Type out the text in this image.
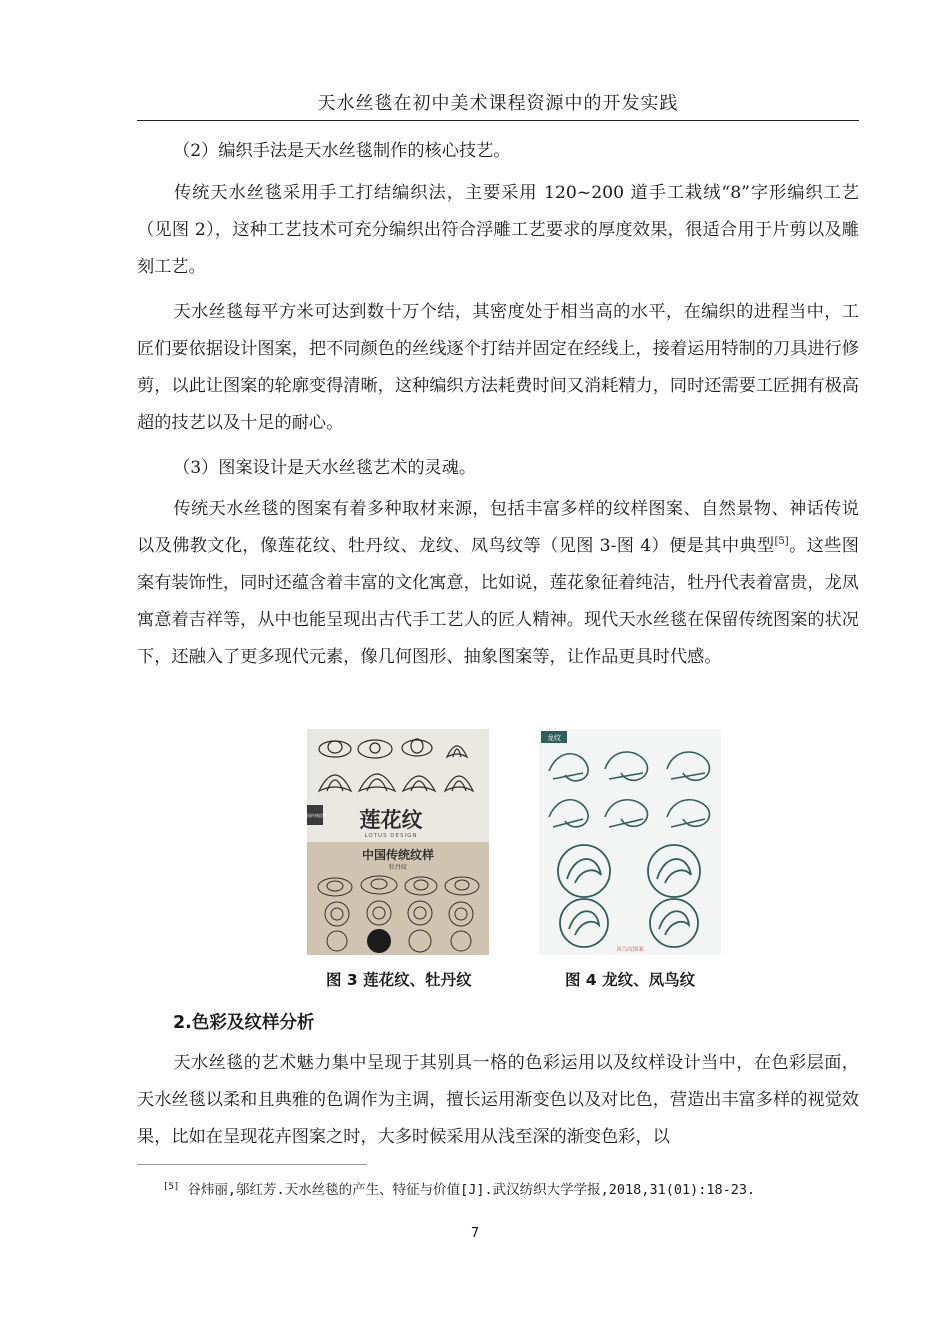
天水丝毯在初中美术课程资源中的开发实践

（2）编织手法是天水丝毯制作的核心技艺。

传统天水丝毯采用手工打结编织法，主要采用 120~200 道手工栽绒“8”字形编织工艺（见图 2），这种工艺技术可充分编织出符合浮雕工艺要求的厚度效果，很适合用于片剪以及雕刻工艺。

天水丝毯每平方米可达到数十万个结，其密度处于相当高的水平，在编织的进程当中，工匠们要依据设计图案，把不同颜色的丝线逐个打结并固定在经线上，接着运用特制的刀具进行修剪，以此让图案的轮廓变得清晰，这种编织方法耗费时间又消耗精力，同时还需要工匠拥有极高超的技艺以及十足的耐心。

（3）图案设计是天水丝毯艺术的灵魂。

传统天水丝毯的图案有着多种取材来源，包括丰富多样的纹样图案、自然景物、神话传说以及佛教文化，像莲花纹、牡丹纹、龙纹、凤鸟纹等（见图 3-图 4）便是其中典型[5]。这些图案有装饰性，同时还蕴含着丰富的文化寓意，比如说，莲花象征着纯洁，牡丹代表着富贵，龙凤寓意着吉祥等，从中也能呈现出古代手工艺人的匠人精神。现代天水丝毯在保留传统图案的状况下，还融入了更多现代元素，像几何图形、抽象图案等，让作品更具时代感。

中国传统纹样 莲花纹
LOTUS DESIGN
中国传统纹样
牡丹纹
龙纹
凤鸟纹图案
图 3 莲花纹、牡丹纹	图 4 龙纹、凤鸟纹

2.色彩及纹样分析

天水丝毯的艺术魅力集中呈现于其别具一格的色彩运用以及纹样设计当中，在色彩层面，天水丝毯以柔和且典雅的色调作为主调，擅长运用渐变色以及对比色，营造出丰富多样的视觉效果，比如在呈现花卉图案之时，大多时候采用从浅至深的渐变色彩，以

[5] 谷炜丽,邬红芳.天水丝毯的产生、特征与价值[J].武汉纺织大学学报,2018,31(01):18-23.
7
